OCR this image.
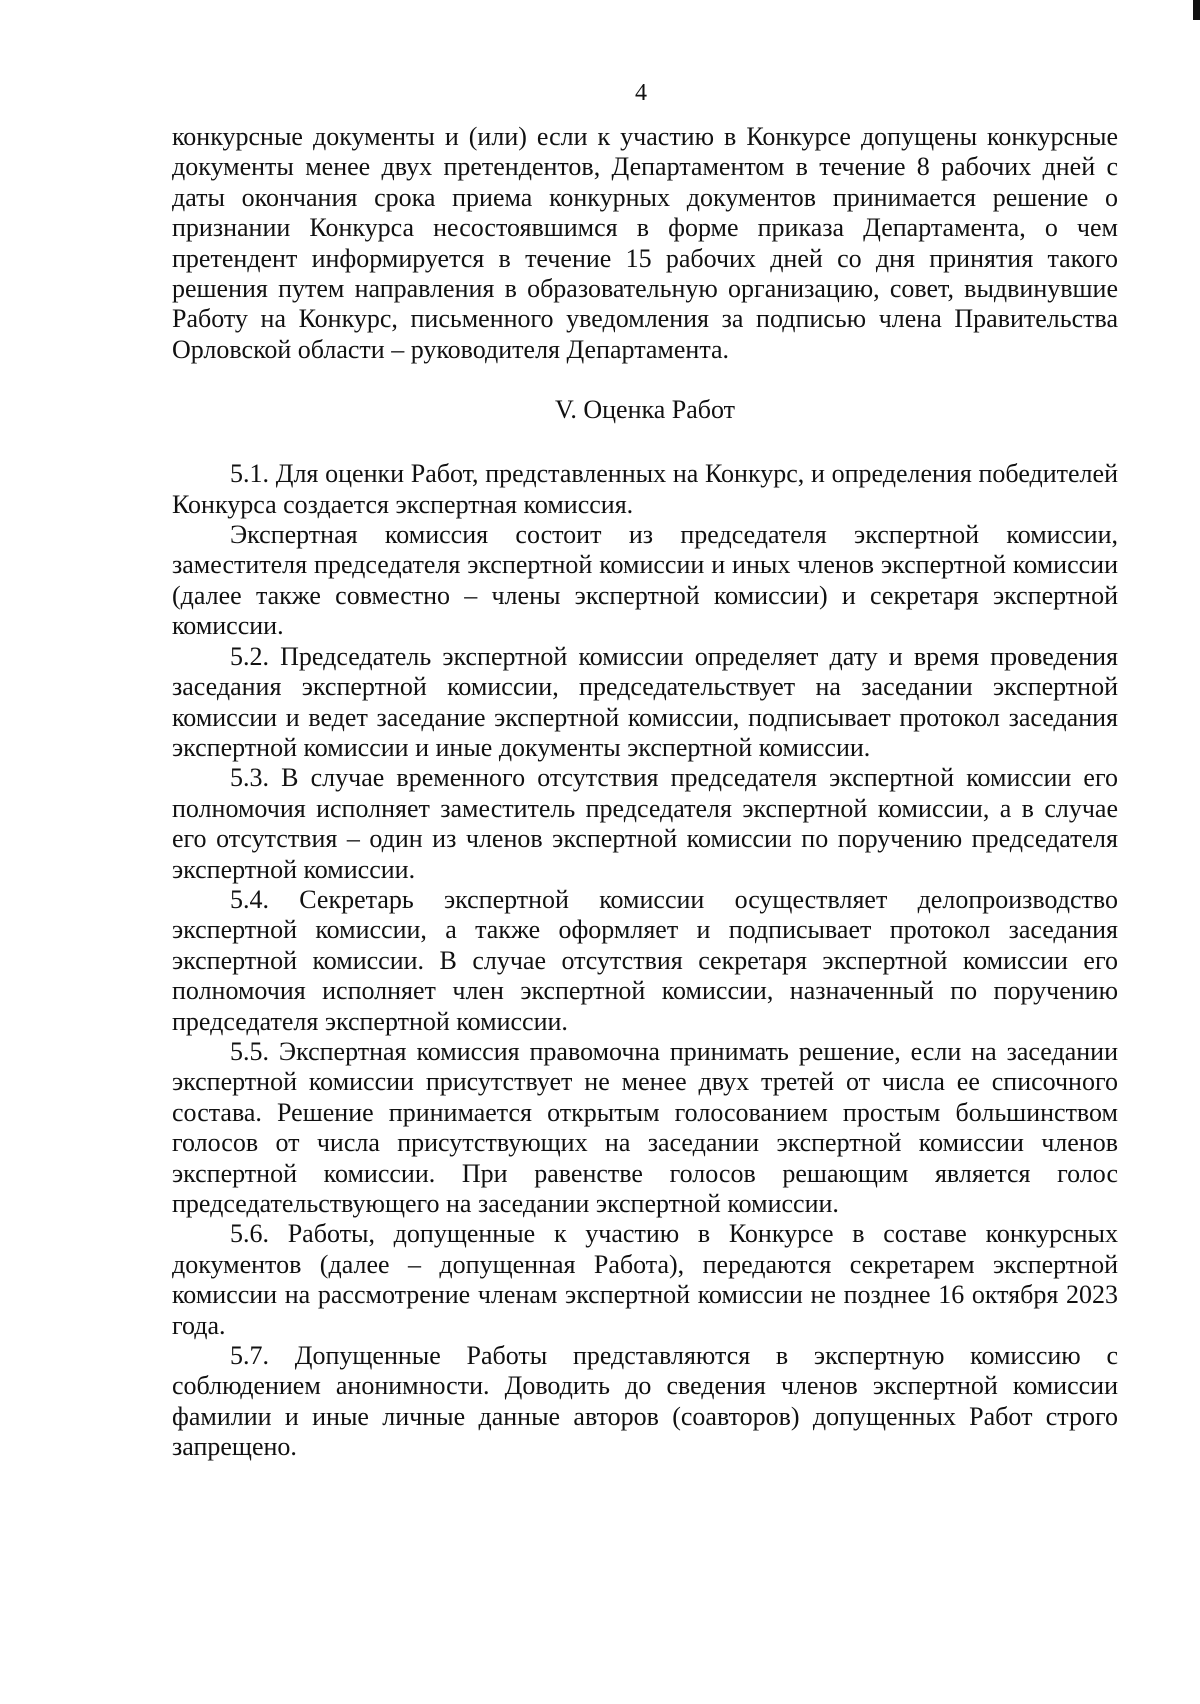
4

конкурсные документы и (или) если к участию в Конкурсе допущены конкурсные документы менее двух претендентов, Департаментом в течение 8 рабочих дней с даты окончания срока приема конкурных документов принимается решение о признании Конкурса несостоявшимся в форме приказа Департамента, о чем претендент информируется в течение 15 рабочих дней со дня принятия такого решения путем направления в образовательную организацию, совет, выдвинувшие Работу на Конкурс, письменного уведомления за подписью члена Правительства Орловской области – руководителя Департамента.

V. Оценка Работ

5.1. Для оценки Работ, представленных на Конкурс, и определения победителей Конкурса создается экспертная комиссия.

Экспертная комиссия состоит из председателя экспертной комиссии, заместителя председателя экспертной комиссии и иных членов экспертной комиссии (далее также совместно – члены экспертной комиссии) и секретаря экспертной комиссии.

5.2. Председатель экспертной комиссии определяет дату и время проведения заседания экспертной комиссии, председательствует на заседании экспертной комиссии и ведет заседание экспертной комиссии, подписывает протокол заседания экспертной комиссии и иные документы экспертной комиссии.

5.3. В случае временного отсутствия председателя экспертной комиссии его полномочия исполняет заместитель председателя экспертной комиссии, а в случае его отсутствия – один из членов экспертной комиссии по поручению председателя экспертной комиссии.

5.4. Секретарь экспертной комиссии осуществляет делопроизводство экспертной комиссии, а также оформляет и подписывает протокол заседания экспертной комиссии. В случае отсутствия секретаря экспертной комиссии его полномочия исполняет член экспертной комиссии, назначенный по поручению председателя экспертной комиссии.

5.5. Экспертная комиссия правомочна принимать решение, если на заседании экспертной комиссии присутствует не менее двух третей от числа ее списочного состава. Решение принимается открытым голосованием простым большинством голосов от числа присутствующих на заседании экспертной комиссии членов экспертной комиссии. При равенстве голосов решающим является голос председательствующего на заседании экспертной комиссии.

5.6. Работы, допущенные к участию в Конкурсе в составе конкурсных документов (далее – допущенная Работа), передаются секретарем экспертной комиссии на рассмотрение членам экспертной комиссии не позднее 16 октября 2023 года.

5.7. Допущенные Работы представляются в экспертную комиссию с соблюдением анонимности. Доводить до сведения членов экспертной комиссии фамилии и иные личные данные авторов (соавторов) допущенных Работ строго запрещено.
